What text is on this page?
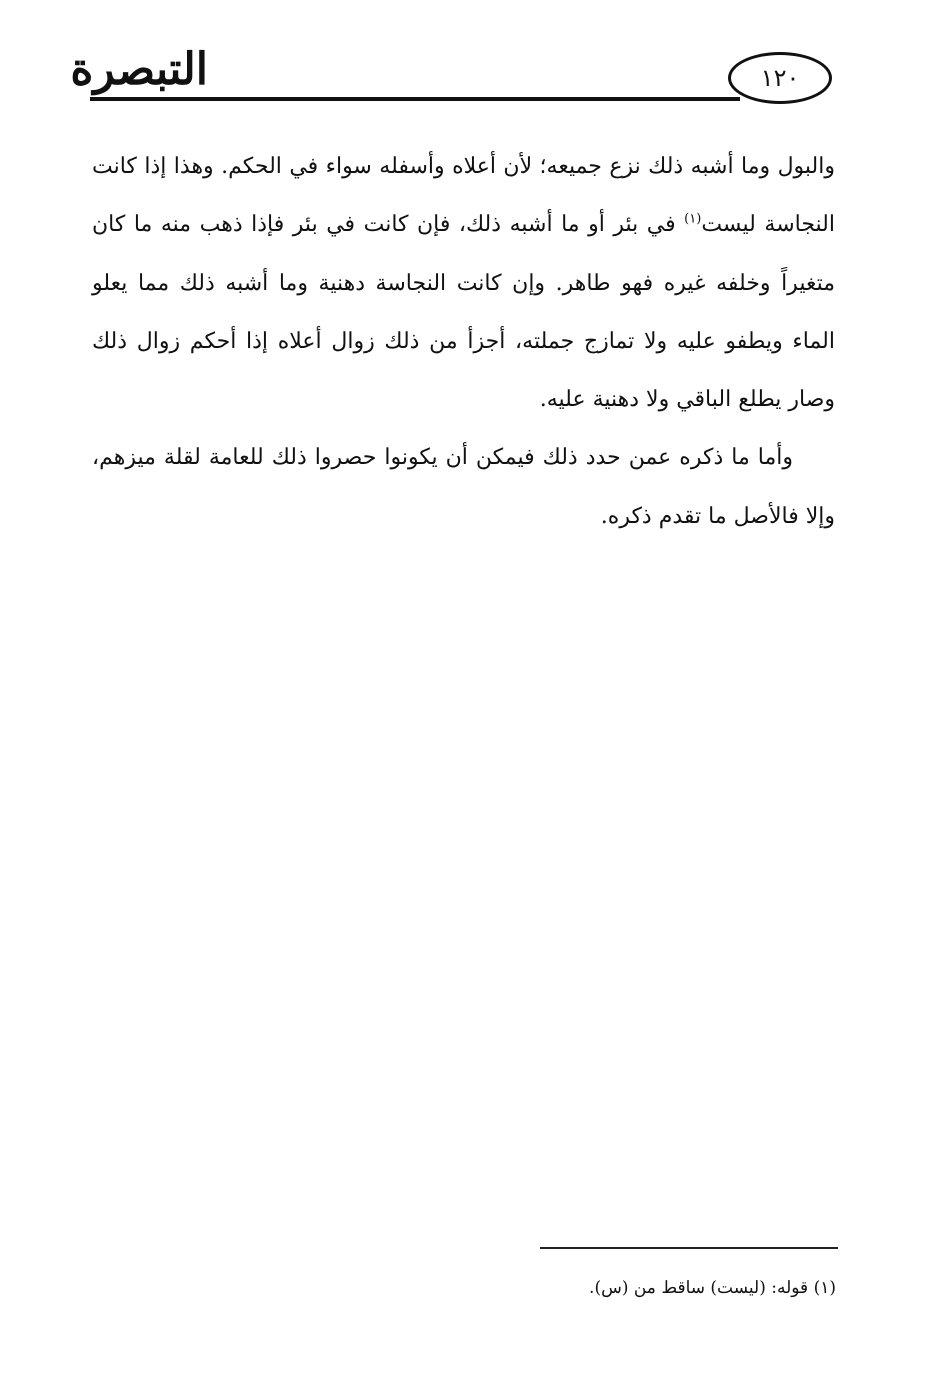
التبصرة	١٢٠

والبول وما أشبه ذلك نزع جميعه؛ لأن أعلاه وأسفله سواء في الحكم. وهذا إذا كانت النجاسة ليست$^{(١)}$ في بئر أو ما أشبه ذلك، فإن كانت في بئر فإذا ذهب منه ما كان متغيراً وخلفه غيره فهو طاهر. وإن كانت النجاسة دهنية وما أشبه ذلك مما يعلو الماء ويطفو عليه ولا تمازج جملته، أجزأ من ذلك زوال أعلاه إذا أحكم زوال ذلك وصار يطلع الباقي ولا دهنية عليه.

وأما ما ذكره عمن حدد ذلك فيمكن أن يكونوا حصروا ذلك للعامة لقلة ميزهم، وإلا فالأصل ما تقدم ذكره.

(١) قوله: (ليست) ساقط من (س).
